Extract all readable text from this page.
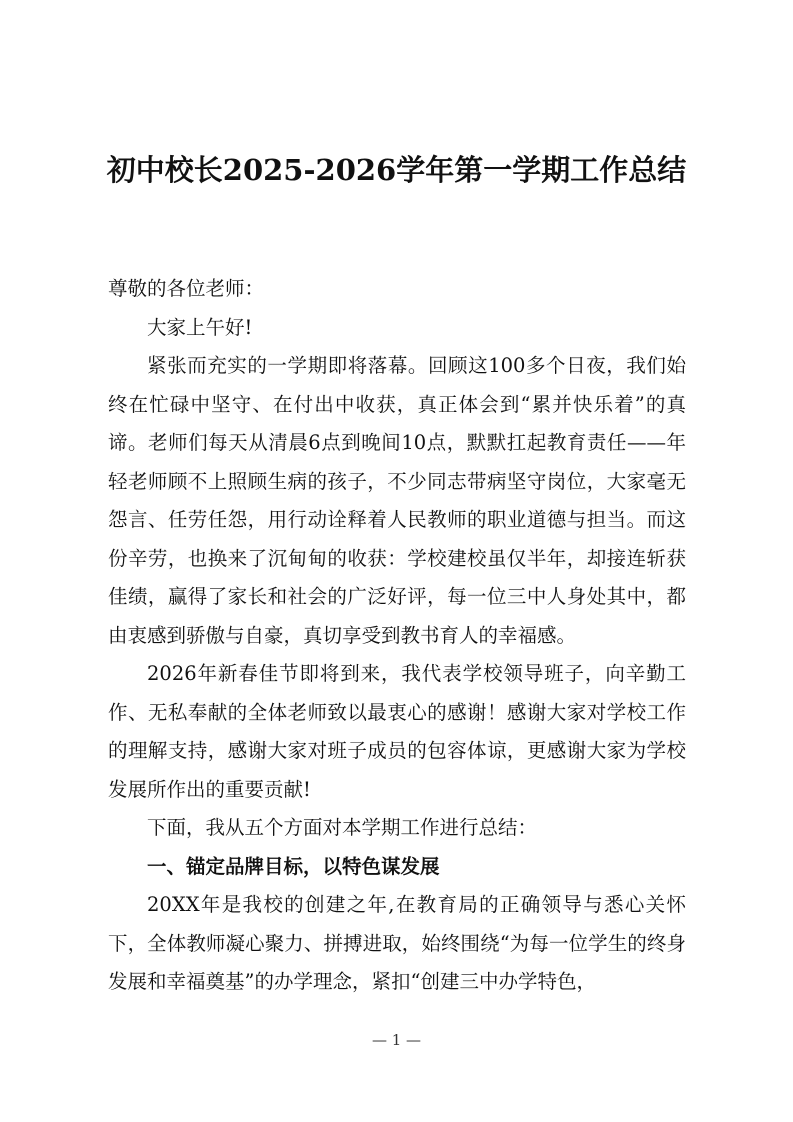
初中校长2025-2026学年第一学期工作总结

尊敬的各位老师：

大家上午好!

紧张而充实的一学期即将落幕。回顾这100多个日夜，我们始终在忙碌中坚守、在付出中收获，真正体会到“累并快乐着”的真谛。老师们每天从清晨6点到晚间10点，默默扛起教育责任——年轻老师顾不上照顾生病的孩子，不少同志带病坚守岗位，大家毫无怨言、任劳任怨，用行动诠释着人民教师的职业道德与担当。而这份辛劳，也换来了沉甸甸的收获：学校建校虽仅半年，却接连斩获佳绩，赢得了家长和社会的广泛好评，每一位三中人身处其中，都由衷感到骄傲与自豪，真切享受到教书育人的幸福感。

2026年新春佳节即将到来，我代表学校领导班子，向辛勤工作、无私奉献的全体老师致以最衷心的感谢！感谢大家对学校工作的理解支持，感谢大家对班子成员的包容体谅，更感谢大家为学校发展所作出的重要贡献!

下面，我从五个方面对本学期工作进行总结：

一、锚定品牌目标，以特色谋发展

20XX年是我校的创建之年,在教育局的正确领导与悉心关怀下，全体教师凝心聚力、拼搏进取，始终围绕“为每一位学生的终身发展和幸福奠基”的办学理念，紧扣“创建三中办学特色，

— 1 —
